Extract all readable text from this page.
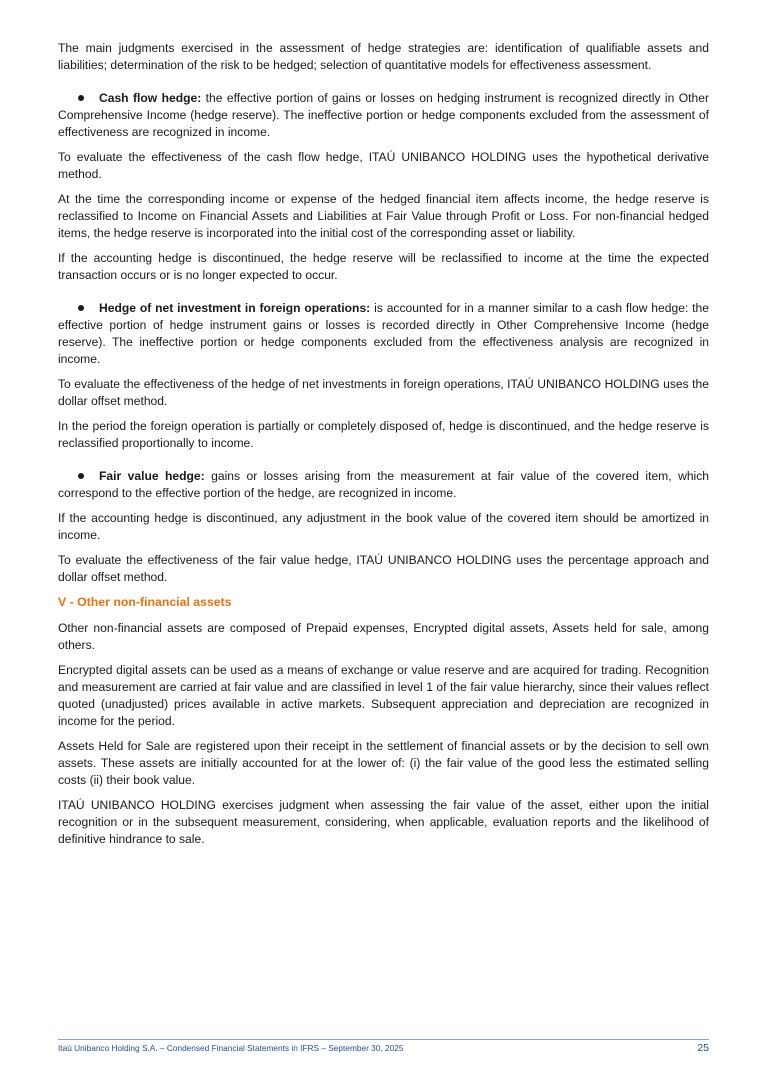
The main judgments exercised in the assessment of hedge strategies are: identification of qualifiable assets and liabilities; determination of the risk to be hedged; selection of quantitative models for effectiveness assessment.

Cash flow hedge: the effective portion of gains or losses on hedging instrument is recognized directly in Other Comprehensive Income (hedge reserve). The ineffective portion or hedge components excluded from the assessment of effectiveness are recognized in income.

To evaluate the effectiveness of the cash flow hedge, ITAÚ UNIBANCO HOLDING uses the hypothetical derivative method.

At the time the corresponding income or expense of the hedged financial item affects income, the hedge reserve is reclassified to Income on Financial Assets and Liabilities at Fair Value through Profit or Loss. For non-financial hedged items, the hedge reserve is incorporated into the initial cost of the corresponding asset or liability.

If the accounting hedge is discontinued, the hedge reserve will be reclassified to income at the time the expected transaction occurs or is no longer expected to occur.

Hedge of net investment in foreign operations: is accounted for in a manner similar to a cash flow hedge: the effective portion of hedge instrument gains or losses is recorded directly in Other Comprehensive Income (hedge reserve). The ineffective portion or hedge components excluded from the effectiveness analysis are recognized in income.

To evaluate the effectiveness of the hedge of net investments in foreign operations, ITAÚ UNIBANCO HOLDING uses the dollar offset method.

In the period the foreign operation is partially or completely disposed of, hedge is discontinued, and the hedge reserve is reclassified proportionally to income.

Fair value hedge: gains or losses arising from the measurement at fair value of the covered item, which correspond to the effective portion of the hedge, are recognized in income.

If the accounting hedge is discontinued, any adjustment in the book value of the covered item should be amortized in income.

To evaluate the effectiveness of the fair value hedge, ITAÚ UNIBANCO HOLDING uses the percentage approach and dollar offset method.

V - Other non-financial assets

Other non-financial assets are composed of Prepaid expenses, Encrypted digital assets, Assets held for sale, among others.

Encrypted digital assets can be used as a means of exchange or value reserve and are acquired for trading. Recognition and measurement are carried at fair value and are classified in level 1 of the fair value hierarchy, since their values reflect quoted (unadjusted) prices available in active markets. Subsequent appreciation and depreciation are recognized in income for the period.

Assets Held for Sale are registered upon their receipt in the settlement of financial assets or by the decision to sell own assets. These assets are initially accounted for at the lower of: (i) the fair value of the good less the estimated selling costs (ii) their book value.

ITAÚ UNIBANCO HOLDING exercises judgment when assessing the fair value of the asset, either upon the initial recognition or in the subsequent measurement, considering, when applicable, evaluation reports and the likelihood of definitive hindrance to sale.

Itaú Unibanco Holding S.A. – Condensed Financial Statements in IFRS – September 30, 2025	25
